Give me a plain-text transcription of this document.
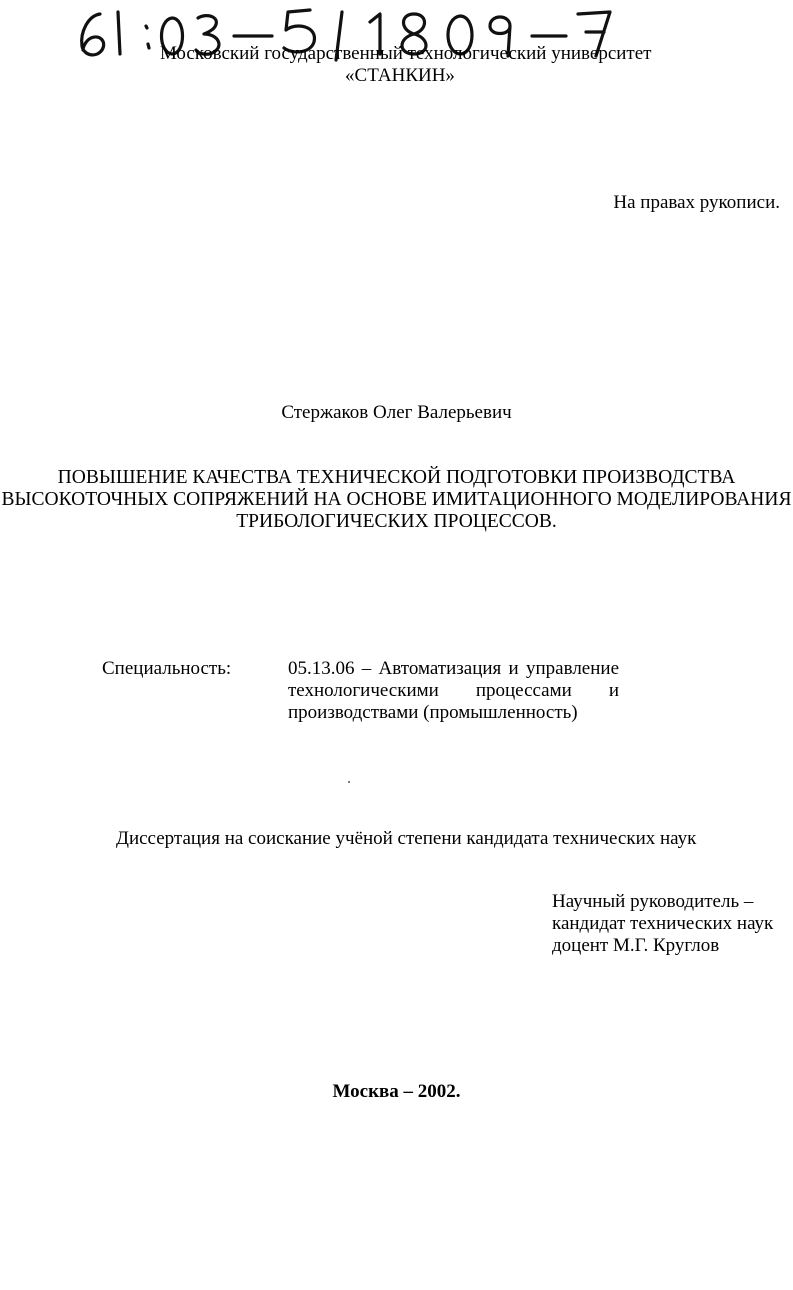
Московский государственный технологический университет
«СТАНКИН»
На правах рукописи.
Стержаков Олег Валерьевич
ПОВЫШЕНИЕ КАЧЕСТВА ТЕХНИЧЕСКОЙ ПОДГОТОВКИ ПРОИЗВОДСТВА
ВЫСОКОТОЧНЫХ СОПРЯЖЕНИЙ НА ОСНОВЕ ИМИТАЦИОННОГО МОДЕЛИРОВАНИЯ
ТРИБОЛОГИЧЕСКИХ ПРОЦЕССОВ.
Специальность:	05.13.06 – Автоматизация и управление
технологическими процессами и
производствами (промышленность)
Диссертация на соискание учёной степени кандидата технических наук
Научный руководитель –
кандидат технических наук
доцент М.Г. Круглов
Москва – 2002.
